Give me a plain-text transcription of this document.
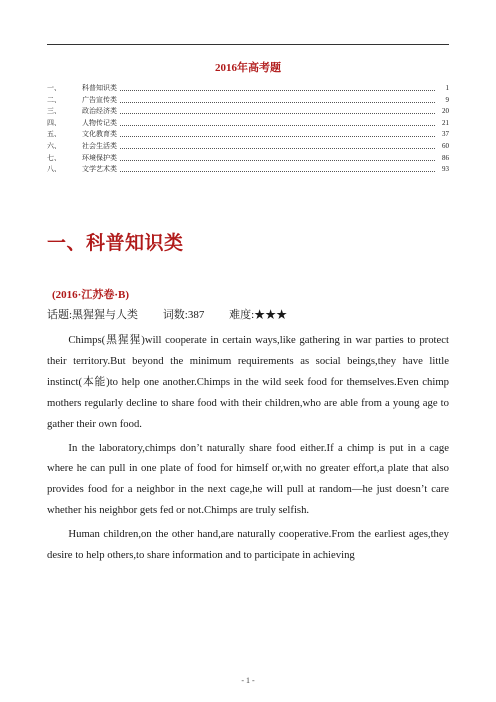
2016年高考题
一、	科普知识类	1
二、	广告宣传类	9
三、	政治经济类	20
四、	人物传记类	21
五、	文化教育类	37
六、	社会生活类	60
七、	环境保护类	86
八、	文学艺术类	93
一、科普知识类
(2016·江苏卷·B)
话题:黑猩猩与人类 词数:387 难度:★★★

Chimps(黑猩猩)will cooperate in certain ways,like gathering in war parties to protect their territory.But beyond the minimum requirements as social beings,they have little instinct(本能)to help one another.Chimps in the wild seek food for themselves.Even chimp mothers regularly decline to share food with their children,who are able from a young age to gather their own food.

In the laboratory,chimps don’t naturally share food either.If a chimp is put in a cage where he can pull in one plate of food for himself or,with no greater effort,a plate that also provides food for a neighbor in the next cage,he will pull at random—he just doesn’t care whether his neighbor gets fed or not.Chimps are truly selfish.

Human children,on the other hand,are naturally cooperative.From the earliest ages,they desire to help others,to share information and to participate in achieving

- 1 -
